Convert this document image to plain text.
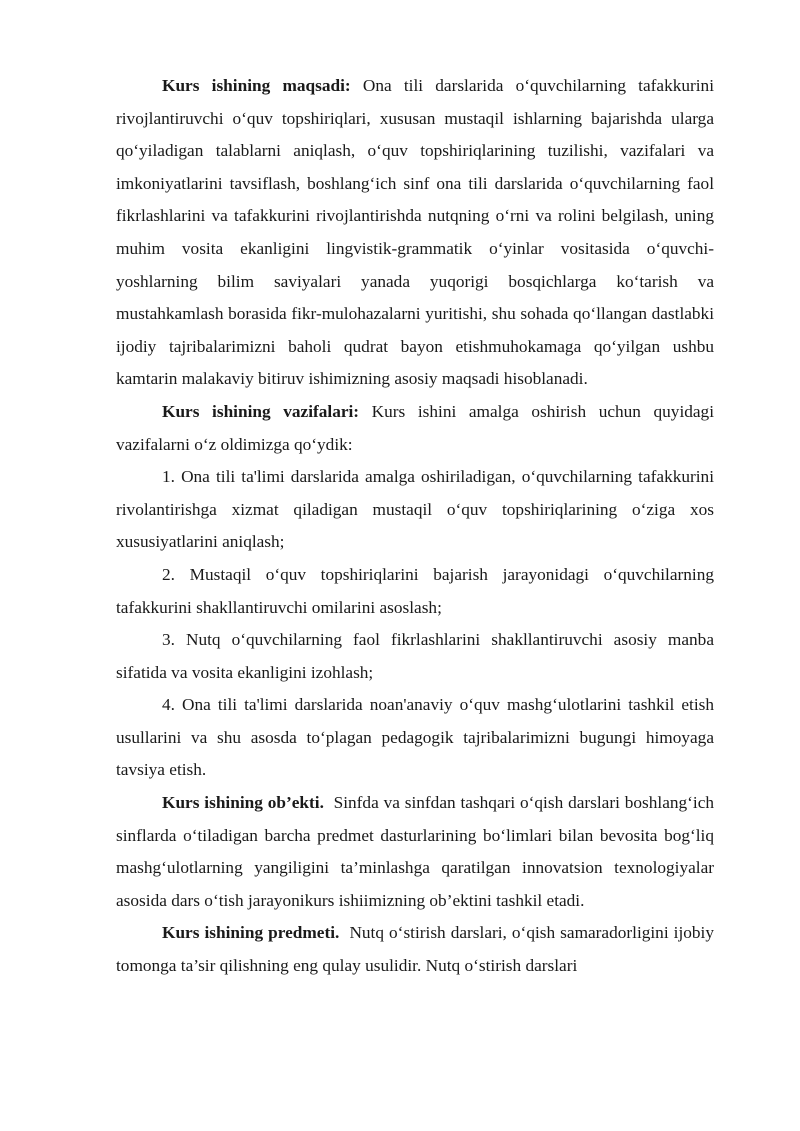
Kurs ishining maqsadi: Ona tili darslarida o‘quvchilarning tafakkurini rivojlantiruvchi o‘quv topshiriqlari, xususan mustaqil ishlarning bajarishda ularga qo‘yiladigan talablarni aniqlash, o‘quv topshiriqlarining tuzilishi, vazifalari va imkoniyatlarini tavsiflash, boshlang‘ich sinf ona tili darslarida o‘quvchilarning faol fikrlashlarini va tafakkurini rivojlantirishda nutqning o‘rni va rolini belgilash, uning muhim vosita ekanligini lingvistik-grammatik o‘yinlar vositasida o‘quvchi-yoshlarning bilim saviyalari yanada yuqorigi bosqichlarga ko‘tarish va mustahkamlash borasida fikr-mulohazalarni yuritishi, shu sohada qo‘llangan dastlabki ijodiy tajribalarimizni baholi qudrat bayon etishmuhokamaga qo‘yilgan ushbu kamtarin malakaviy bitiruv ishimizning asosiy maqsadi hisoblanadi.

Kurs ishining vazifalari: Kurs ishini amalga oshirish uchun quyidagi vazifalarni o‘z oldimizga qo‘ydik:

1. Ona tili ta'limi darslarida amalga oshiriladigan, o‘quvchilarning tafakkurini rivolantirishga xizmat qiladigan mustaqil o‘quv topshiriqlarining o‘ziga xos xususiyatlarini aniqlash;

2. Mustaqil o‘quv topshiriqlarini bajarish jarayonidagi o‘quvchilarning tafakkurini shakllantiruvchi omilarini asoslash;

3. Nutq o‘quvchilarning faol fikrlashlarini shakllantiruvchi asosiy manba sifatida va vosita ekanligini izohlash;

4. Ona tili ta'limi darslarida noan'anaviy o‘quv mashg‘ulotlarini tashkil etish usullarini va shu asosda to‘plagan pedagogik tajribalarimizni bugungi himoyaga tavsiya etish.

Kurs ishining ob’ekti. Sinfda va sinfdan tashqari o‘qish darslari boshlang‘ich sinflarda o‘tiladigan barcha predmet dasturlarining bo‘limlari bilan bevosita bog‘liq mashg‘ulotlarning yangiligini ta’minlashga qaratilgan innovatsion texnologiyalar asosida dars o‘tish jarayonikurs ishiimizning ob’ektini tashkil etadi.

Kurs ishining predmeti. Nutq o‘stirish darslari, o‘qish samaradorligini ijobiy tomonga ta’sir qilishning eng qulay usulidir. Nutq o‘stirish darslari
